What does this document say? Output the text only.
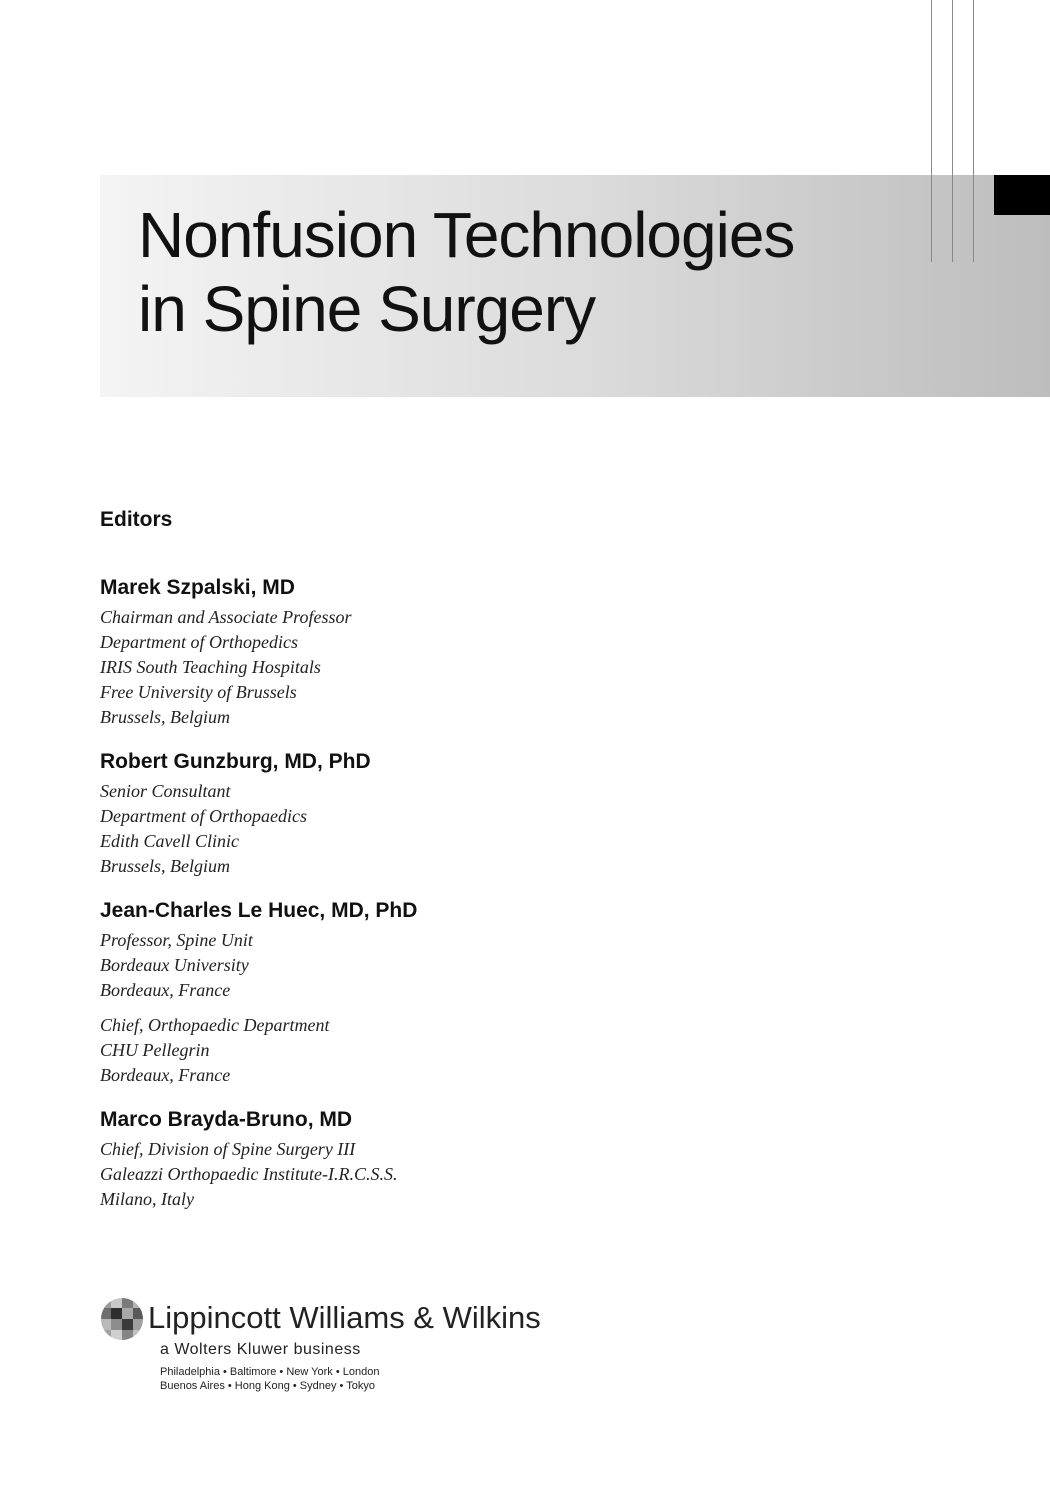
Nonfusion Technologies
in Spine Surgery
Editors
Marek Szpalski, MD
Chairman and Associate Professor
Department of Orthopedics
IRIS South Teaching Hospitals
Free University of Brussels
Brussels, Belgium
Robert Gunzburg, MD, PhD
Senior Consultant
Department of Orthopaedics
Edith Cavell Clinic
Brussels, Belgium
Jean-Charles Le Huec, MD, PhD
Professor, Spine Unit
Bordeaux University
Bordeaux, France
Chief, Orthopaedic Department
CHU Pellegrin
Bordeaux, France
Marco Brayda-Bruno, MD
Chief, Division of Spine Surgery III
Galeazzi Orthopaedic Institute-I.R.C.S.S.
Milano, Italy
Lippincott Williams & Wilkins
a Wolters Kluwer business
Philadelphia • Baltimore • New York • London
Buenos Aires • Hong Kong • Sydney • Tokyo
